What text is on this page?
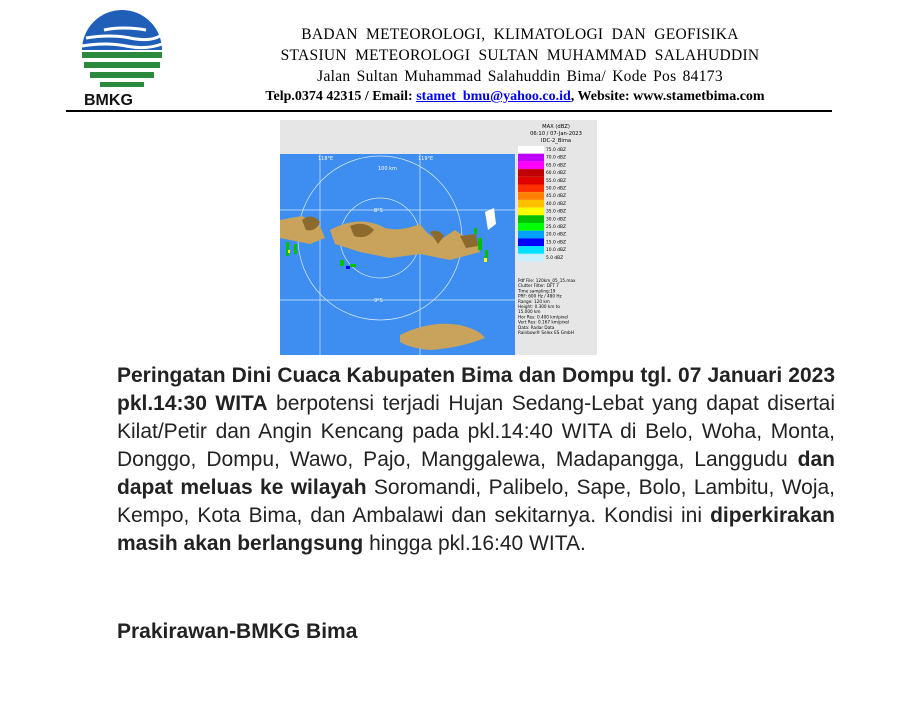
BMKG
BADAN METEOROLOGI, KLIMATOLOGI DAN GEOFISIKA
STASIUN METEOROLOGI SULTAN MUHAMMAD SALAHUDDIN
Jalan Sultan Muhammad Salahuddin Bima/ Kode Pos 84173
Telp.0374 42315 / Email: stamet_bmu@yahoo.co.id, Website: www.stametbima.com
118°E	119°E
100 km
8°S
9°S
MAX (dBZ)
06:10 / 07-Jan-2023
IDC-2_Bima
75.0 dBZ
70.0 dBZ
65.0 dBZ
60.0 dBZ
55.0 dBZ
50.0 dBZ
45.0 dBZ
40.0 dBZ
35.0 dBZ
30.0 dBZ
25.0 dBZ
20.0 dBZ
15.0 dBZ
10.0 dBZ
5.0 dBZ
Pdf File: 120km_05_15.max
Clutter Filter: DFT 7
Time sampling:19
PRF: 600 Hz / 480 Hz
Range: 120 km
Height: 0.300 km to
15.000 km
Hor Res: 0.400 km/pixel
Vert Res: 0.167 km/pixel
Data: Radar Data
Rainbow® Selex ES GmbH
Peringatan Dini Cuaca Kabupaten Bima dan Dompu tgl. 07 Januari 2023 pkl.14:30 WITA berpotensi terjadi Hujan Sedang-Lebat yang dapat disertai Kilat/Petir dan Angin Kencang pada pkl.14:40 WITA di Belo, Woha, Monta, Donggo, Dompu, Wawo, Pajo, Manggalewa, Madapangga, Langgudu dan dapat meluas ke wilayah Soromandi, Palibelo, Sape, Bolo, Lambitu, Woja, Kempo, Kota Bima, dan Ambalawi dan sekitarnya. Kondisi ini diperkirakan masih akan berlangsung hingga pkl.16:40 WITA.
Prakirawan-BMKG Bima
